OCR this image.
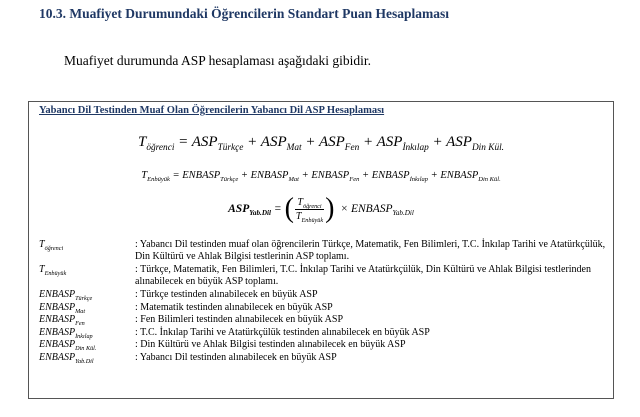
10.3. Muafiyet Durumundaki Öğrencilerin Standart Puan Hesaplaması
Muafiyet durumunda ASP hesaplaması aşağıdaki gibidir.
Yabancı Dil Testinden Muaf Olan Öğrencilerin Yabancı Dil ASP Hesaplaması
$T_{öğrenci} = ASP_{Türkçe} + ASP_{Mat} + ASP_{Fen} + ASP_{İnkılap} + ASP_{Din Kül.}$
$T_{Enbüyük}$ = $ENBASP_{Türkçe}$ + $ENBASP_{Mat}$ + $ENBASP_{Fen}$ + $ENBASP_{İnkılap}$ + $ENBASP_{Din Kül.}$
$ASP_{Yab.Dil}$ = ( $\frac{T_{öğrenci}}{T_{Enbüyük}}$ ) × $ENBASP_{Yab.Dil}$
$T_{öğrenci}$	: Yabancı Dil testinden muaf olan öğrencilerin Türkçe, Matematik, Fen Bilimleri, T.C. İnkılap Tarihi ve Atatürkçülük, Din Kültürü ve Ahlak Bilgisi testlerinin ASP toplamı.
$T_{Enbüyük}$	: Türkçe, Matematik, Fen Bilimleri, T.C. İnkılap Tarihi ve Atatürkçülük, Din Kültürü ve Ahlak Bilgisi testlerinden alınabilecek en büyük ASP toplamı.
$ENBASP_{Türkçe}$	: Türkçe testinden alınabilecek en büyük ASP
$ENBASP_{Mat}$	: Matematik testinden alınabilecek en büyük ASP
$ENBASP_{Fen}$	: Fen Bilimleri testinden alınabilecek en büyük ASP
$ENBASP_{İnkılap}$	: T.C. İnkılap Tarihi ve Atatürkçülük testinden alınabilecek en büyük ASP
$ENBASP_{Din Kül.}$	: Din Kültürü ve Ahlak Bilgisi testinden alınabilecek en büyük ASP
$ENBASP_{Yab.Dil}$	: Yabancı Dil testinden alınabilecek en büyük ASP
